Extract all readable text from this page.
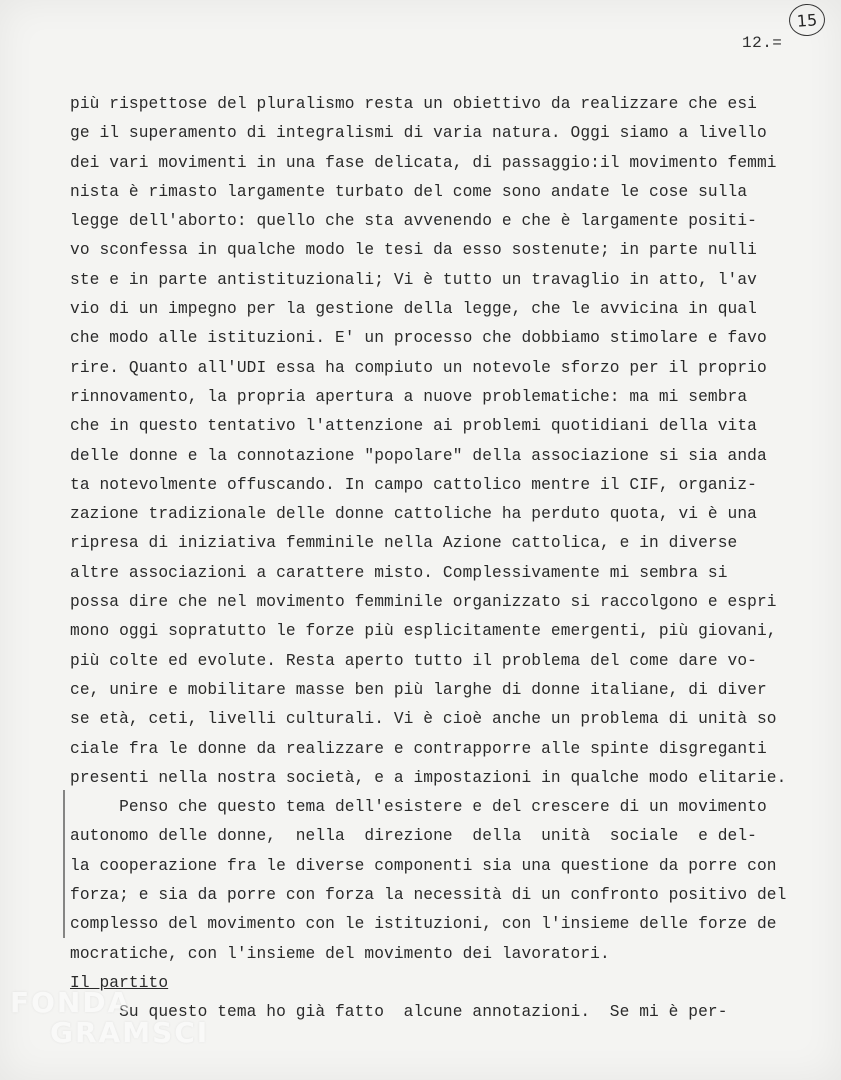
15
12.=
più rispettose del pluralismo resta un obiettivo da realizzare che esi
ge il superamento di integralismi di varia natura. Oggi siamo a livello
dei vari movimenti in una fase delicata, di passaggio:il movimento femmi
nista è rimasto largamente turbato del come sono andate le cose sulla
legge dell'aborto: quello che sta avvenendo e che è largamente positi-
vo sconfessa in qualche modo le tesi da esso sostenute; in parte nulli
ste e in parte antistituzionali; Vi è tutto un travaglio in atto, l'av
vio di un impegno per la gestione della legge, che le avvicina in qual
che modo alle istituzioni. E' un processo che dobbiamo stimolare e favo
rire. Quanto all'UDI essa ha compiuto un notevole sforzo per il proprio
rinnovamento, la propria apertura a nuove problematiche: ma mi sembra
che in questo tentativo l'attenzione ai problemi quotidiani della vita
delle donne e la connotazione "popolare" della associazione si sia anda
ta notevolmente offuscando. In campo cattolico mentre il CIF, organiz-
zazione tradizionale delle donne cattoliche ha perduto quota, vi è una
ripresa di iniziativa femminile nella Azione cattolica, e in diverse
altre associazioni a carattere misto. Complessivamente mi sembra si
possa dire che nel movimento femminile organizzato si raccolgono e espri
mono oggi sopratutto le forze più esplicitamente emergenti, più giovani,
più colte ed evolute. Resta aperto tutto il problema del come dare vo-
ce, unire e mobilitare masse ben più larghe di donne italiane, di diver
se età, ceti, livelli culturali. Vi è cioè anche un problema di unità so
ciale fra le donne da realizzare e contrapporre alle spinte disgreganti
presenti nella nostra società, e a impostazioni in qualche modo elitarie.
Penso che questo tema dell'esistere e del crescere di un movimento
autonomo delle donne,  nella  direzione  della  unità  sociale  e del-
la cooperazione fra le diverse componenti sia una questione da porre con
forza; e sia da porre con forza la necessità di un confronto positivo del
complesso del movimento con le istituzioni, con l'insieme delle forze de
mocratiche, con l'insieme del movimento dei lavoratori.
Il partito
Su questo tema ho già fatto  alcune annotazioni.  Se mi è per-
FONDA
GRAMSCI
